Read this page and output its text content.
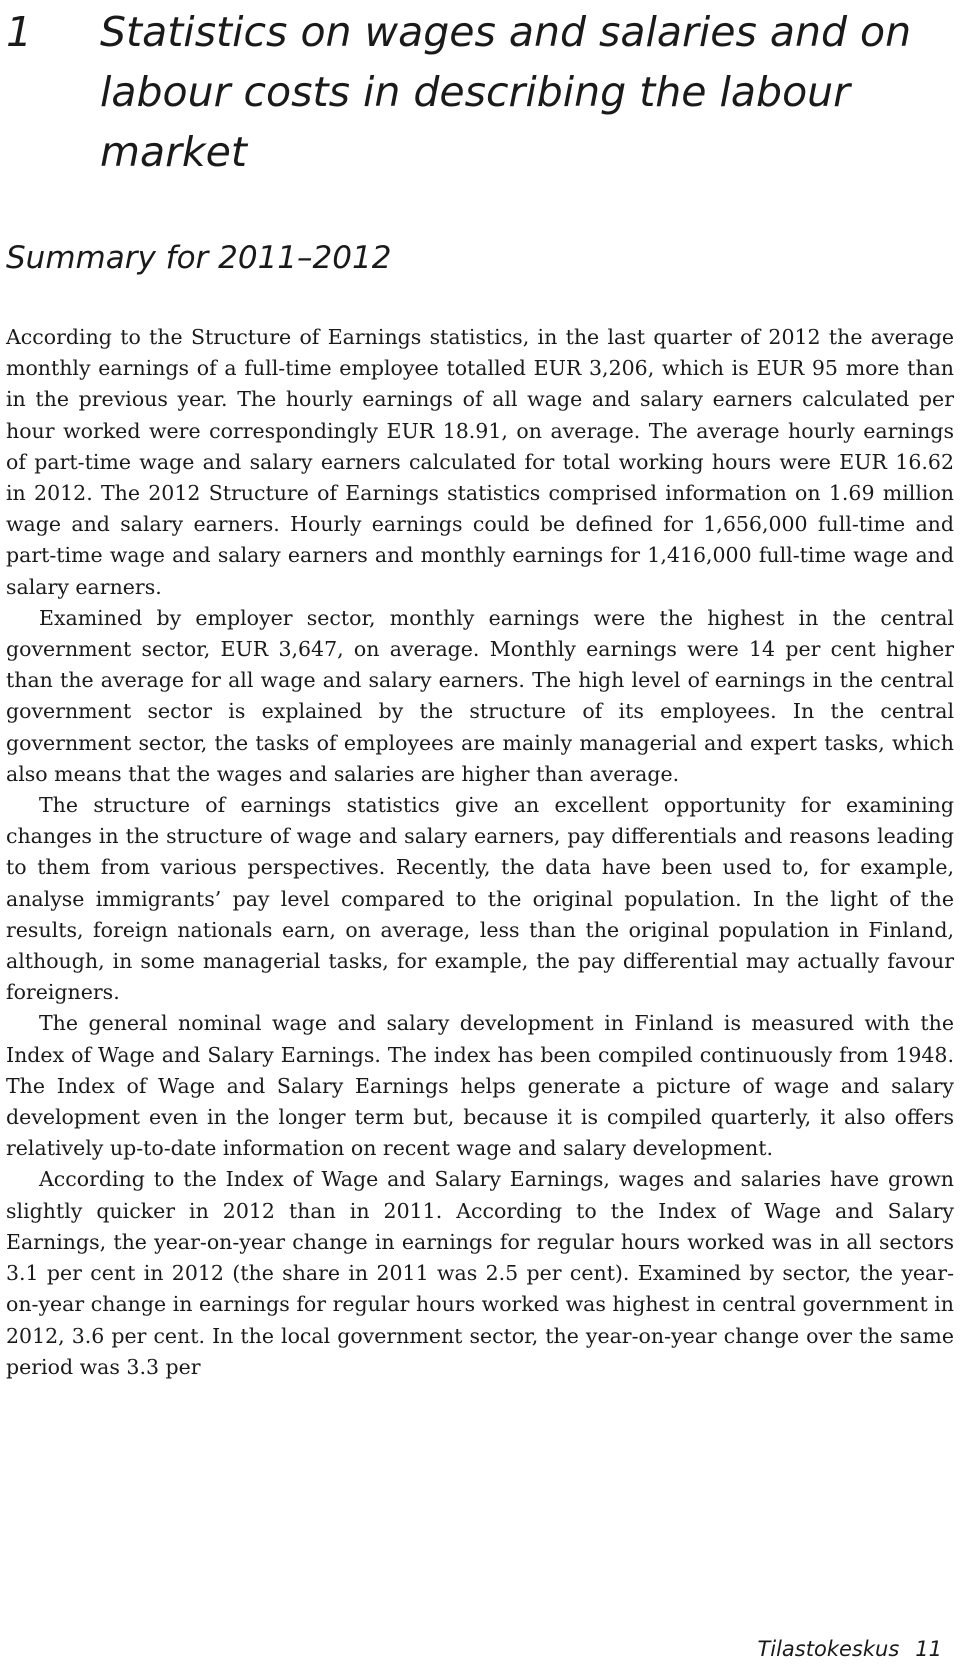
1 Statistics on wages and salaries and on labour costs in describing the labour market
Summary for 2011–2012

According to the Structure of Earnings statistics, in the last quarter of 2012 the average monthly earnings of a full-time employee totalled EUR 3,206, which is EUR 95 more than in the previous year. The hourly earnings of all wage and salary earners calculated per hour worked were correspondingly EUR 18.91, on average. The average hourly earnings of part-time wage and salary earners calculated for total working hours were EUR 16.62 in 2012. The 2012 Structure of Earnings statistics comprised information on 1.69 million wage and salary earners. Hourly earnings could be defined for 1,656,000 full-time and part-time wage and salary earners and monthly earnings for 1,416,000 full-time wage and salary earners.

Examined by employer sector, monthly earnings were the highest in the central government sector, EUR 3,647, on average. Monthly earnings were 14 per cent higher than the average for all wage and salary earners. The high level of earnings in the central government sector is explained by the structure of its employees. In the central government sector, the tasks of employees are mainly managerial and expert tasks, which also means that the wages and salaries are higher than average.

The structure of earnings statistics give an excellent opportunity for examining changes in the structure of wage and salary earners, pay differentials and reasons leading to them from various perspectives. Recently, the data have been used to, for example, analyse immigrants’ pay level compared to the original population. In the light of the results, foreign nationals earn, on average, less than the original population in Finland, although, in some managerial tasks, for example, the pay differential may actually favour foreigners.

The general nominal wage and salary development in Finland is measured with the Index of Wage and Salary Earnings. The index has been compiled continuously from 1948. The Index of Wage and Salary Earnings helps generate a picture of wage and salary development even in the longer term but, because it is compiled quarterly, it also offers relatively up-to-date information on recent wage and salary development.

According to the Index of Wage and Salary Earnings, wages and salaries have grown slightly quicker in 2012 than in 2011. According to the Index of Wage and Salary Earnings, the year-on-year change in earnings for regular hours worked was in all sectors 3.1 per cent in 2012 (the share in 2011 was 2.5 per cent). Examined by sector, the year-on-year change in earnings for regular hours worked was highest in central government in 2012, 3.6 per cent. In the local government sector, the year-on-year change over the same period was 3.3 per

Tilastokeskus 11
